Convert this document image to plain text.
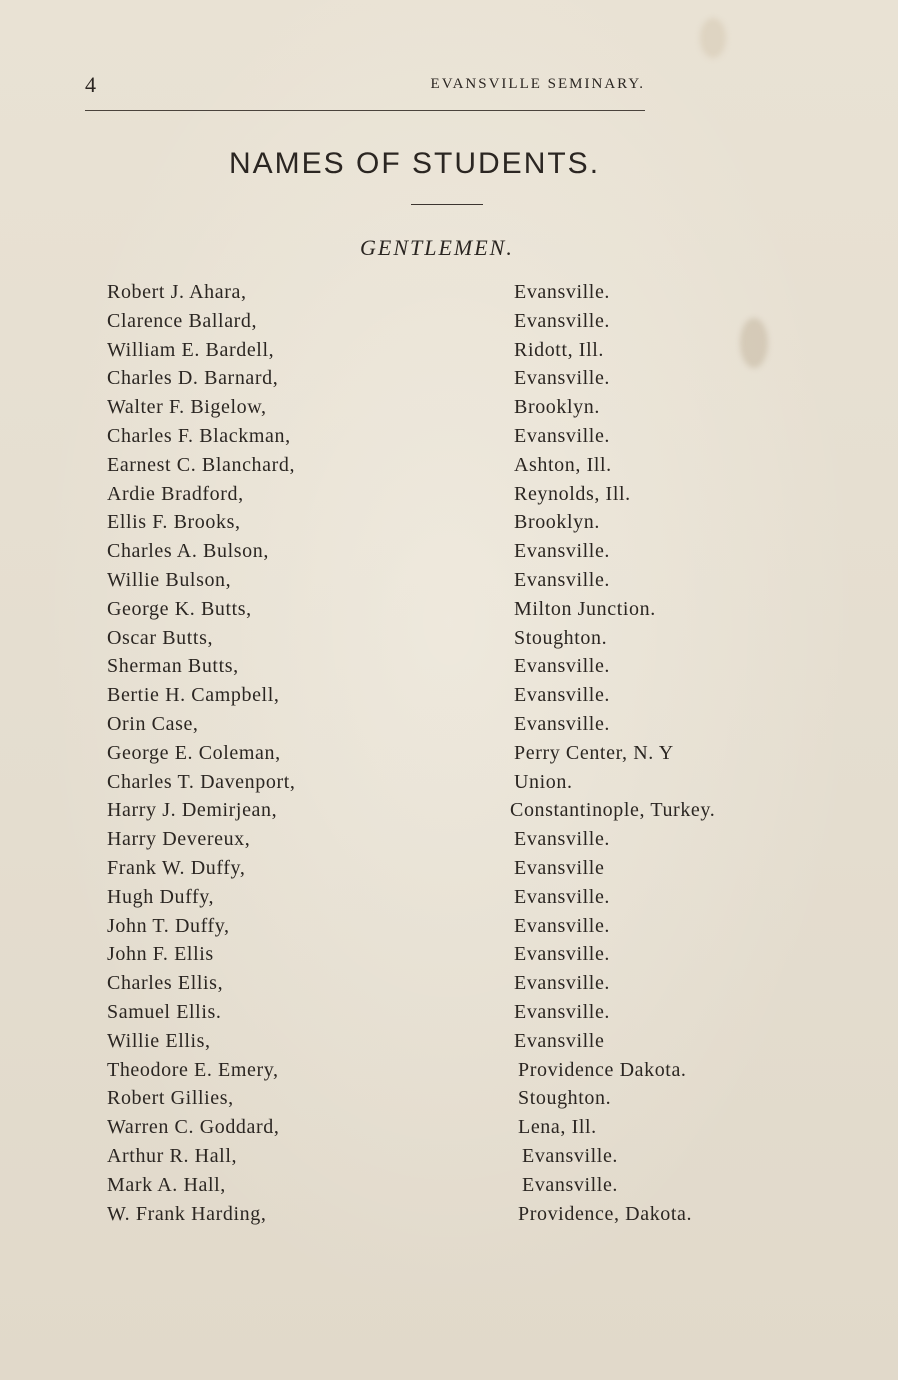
4	EVANSVILLE SEMINARY.
NAMES OF STUDENTS.
GENTLEMEN.
Robert J. Ahara,	Evansville.
Clarence Ballard,	Evansville.
William E. Bardell,	Ridott, Ill.
Charles D. Barnard,	Evansville.
Walter F. Bigelow,	Brooklyn.
Charles F. Blackman,	Evansville.
Earnest C. Blanchard,	Ashton, Ill.
Ardie Bradford,	Reynolds, Ill.
Ellis F. Brooks,	Brooklyn.
Charles A. Bulson,	Evansville.
Willie Bulson,	Evansville.
George K. Butts,	Milton Junction.
Oscar Butts,	Stoughton.
Sherman Butts,	Evansville.
Bertie H. Campbell,	Evansville.
Orin Case,	Evansville.
George E. Coleman,	Perry Center, N. Y
Charles T. Davenport,	Union.
Harry J. Demirjean,	Constantinople, Turkey.
Harry Devereux,	Evansville.
Frank W. Duffy,	Evansville
Hugh Duffy,	Evansville.
John T. Duffy,	Evansville.
John F. Ellis	Evansville.
Charles Ellis,	Evansville.
Samuel Ellis.	Evansville.
Willie Ellis,	Evansville
Theodore E. Emery,	Providence Dakota.
Robert Gillies,	Stoughton.
Warren C. Goddard,	Lena, Ill.
Arthur R. Hall,	Evansville.
Mark A. Hall,	Evansville.
W. Frank Harding,	Providence, Dakota.
